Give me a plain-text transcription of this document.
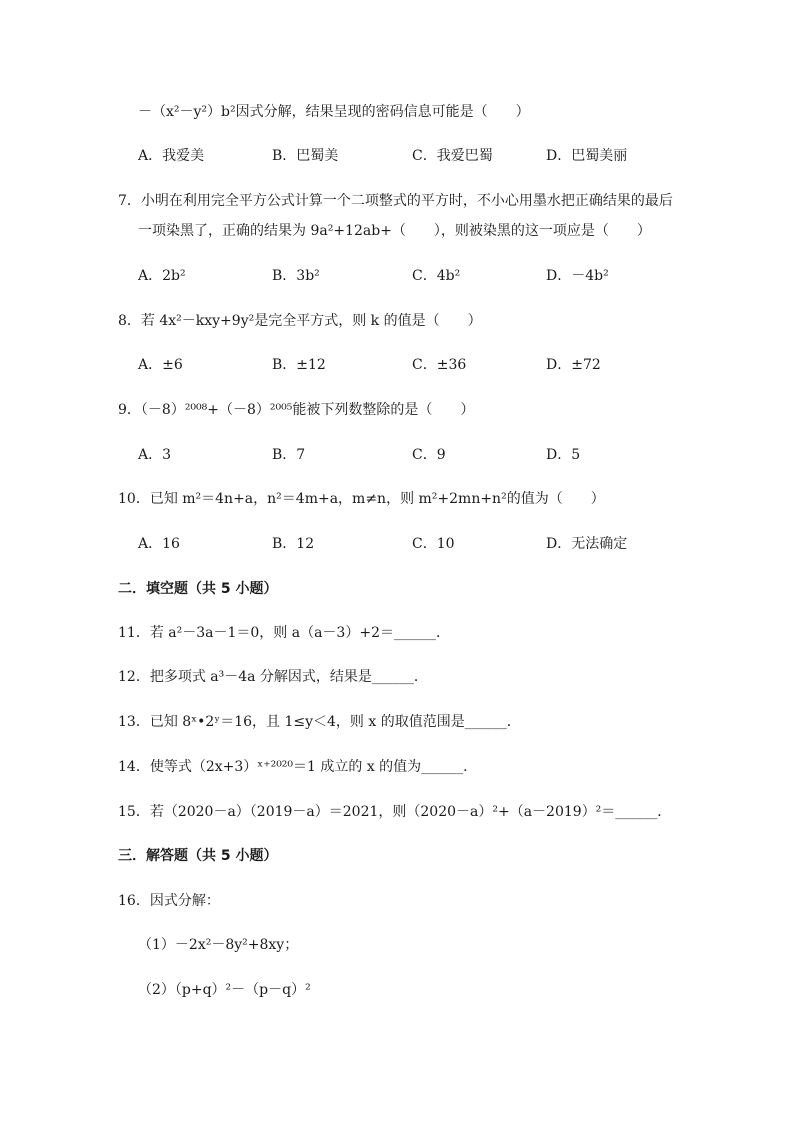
－（x²－y²）b²因式分解，结果呈现的密码信息可能是（　　）
A．我爱美	B．巴蜀美	C．我爱巴蜀	D．巴蜀美丽
7．小明在利用完全平方公式计算一个二项整式的平方时，不小心用墨水把正确结果的最后
一项染黑了，正确的结果为 9a²+12ab+（　　），则被染黑的这一项应是（　　）
A．2b²	B．3b²	C．4b²	D．－4b²
8．若 4x²－kxy+9y²是完全平方式，则 k 的值是（　　）
A．±6	B．±12	C．±36	D．±72
9．（－8）²⁰⁰⁸+（－8）²⁰⁰⁵能被下列数整除的是（　　）
A．3	B．7	C．9	D．5
10．已知 m²＝4n+a，n²＝4m+a，m≠n，则 m²+2mn+n²的值为（　　）
A．16	B．12	C．10	D．无法确定
二．填空题（共 5 小题）
11．若 a²－3a－1＝0，则 a（a－3）+2＝______．
12．把多项式 a³－4a 分解因式，结果是______．
13．已知 8ˣ•2ʸ＝16，且 1≤y＜4，则 x 的取值范围是______．
14．使等式（2x+3）ˣ⁺²⁰²⁰＝1 成立的 x 的值为______．
15．若（2020－a）（2019－a）＝2021，则（2020－a）²+（a－2019）²＝______．
三．解答题（共 5 小题）
16．因式分解：
（1）－2x²－8y²+8xy；
（2）（p+q）²－（p－q）²
